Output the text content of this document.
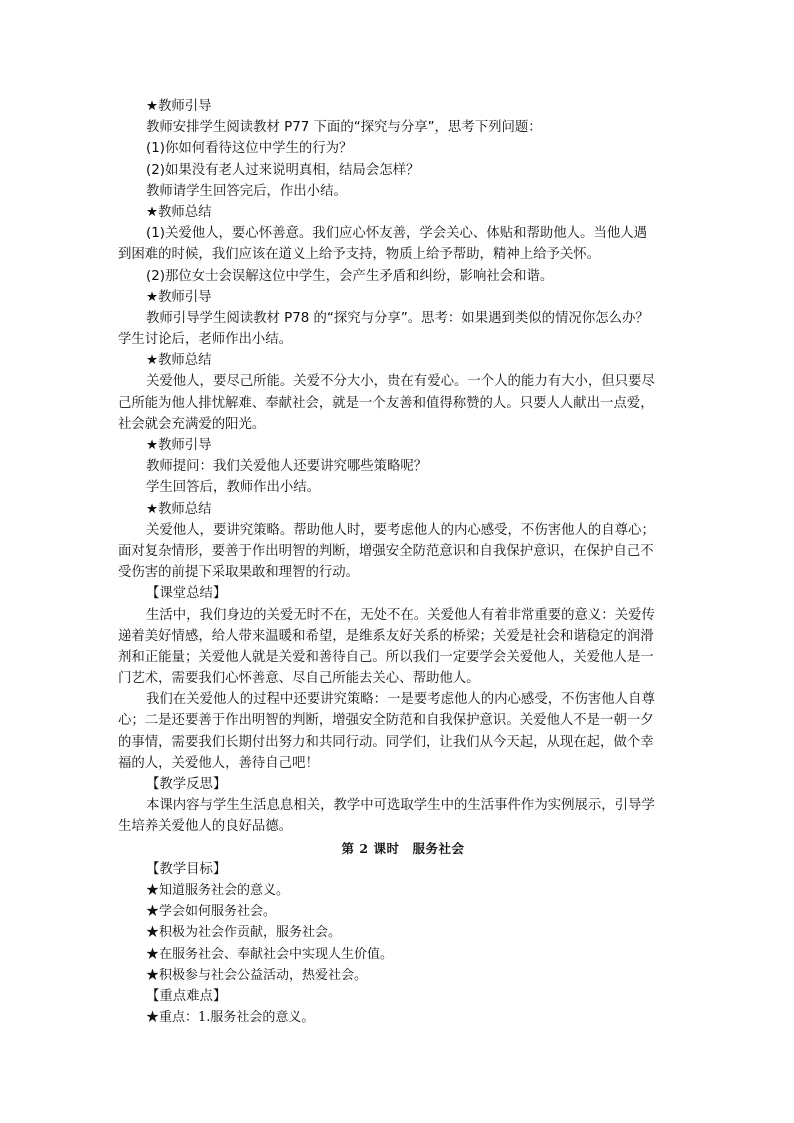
★教师引导
教师安排学生阅读教材 P77 下面的“探究与分享”，思考下列问题：
(1)你如何看待这位中学生的行为？
(2)如果没有老人过来说明真相，结局会怎样？
教师请学生回答完后，作出小结。
★教师总结
(1)关爱他人，要心怀善意。我们应心怀友善，学会关心、体贴和帮助他人。当他人遇
到困难的时候，我们应该在道义上给予支持，物质上给予帮助，精神上给予关怀。
(2)那位女士会误解这位中学生，会产生矛盾和纠纷，影响社会和谐。
★教师引导
教师引导学生阅读教材 P78 的“探究与分享”。思考：如果遇到类似的情况你怎么办？
学生讨论后，老师作出小结。
★教师总结
关爱他人，要尽己所能。关爱不分大小，贵在有爱心。一个人的能力有大小，但只要尽
己所能为他人排忧解难、奉献社会，就是一个友善和值得称赞的人。只要人人献出一点爱，
社会就会充满爱的阳光。
★教师引导
教师提问：我们关爱他人还要讲究哪些策略呢？
学生回答后，教师作出小结。
★教师总结
关爱他人，要讲究策略。帮助他人时，要考虑他人的内心感受，不伤害他人的自尊心；
面对复杂情形，要善于作出明智的判断，增强安全防范意识和自我保护意识，在保护自己不
受伤害的前提下采取果敢和理智的行动。
【课堂总结】
生活中，我们身边的关爱无时不在，无处不在。关爱他人有着非常重要的意义：关爱传
递着美好情感，给人带来温暖和希望，是维系友好关系的桥梁；关爱是社会和谐稳定的润滑
剂和正能量；关爱他人就是关爱和善待自己。所以我们一定要学会关爱他人，关爱他人是一
门艺术，需要我们心怀善意、尽自己所能去关心、帮助他人。
我们在关爱他人的过程中还要讲究策略：一是要考虑他人的内心感受，不伤害他人自尊
心；二是还要善于作出明智的判断，增强安全防范和自我保护意识。关爱他人不是一朝一夕
的事情，需要我们长期付出努力和共同行动。同学们，让我们从今天起，从现在起，做个幸
福的人，关爱他人，善待自己吧！
【教学反思】
本课内容与学生生活息息相关，教学中可选取学生中的生活事件作为实例展示，引导学
生培养关爱他人的良好品德。
第 2 课时　服务社会
【教学目标】
★知道服务社会的意义。
★学会如何服务社会。
★积极为社会作贡献，服务社会。
★在服务社会、奉献社会中实现人生价值。
★积极参与社会公益活动，热爱社会。
【重点难点】
★重点：1.服务社会的意义。
